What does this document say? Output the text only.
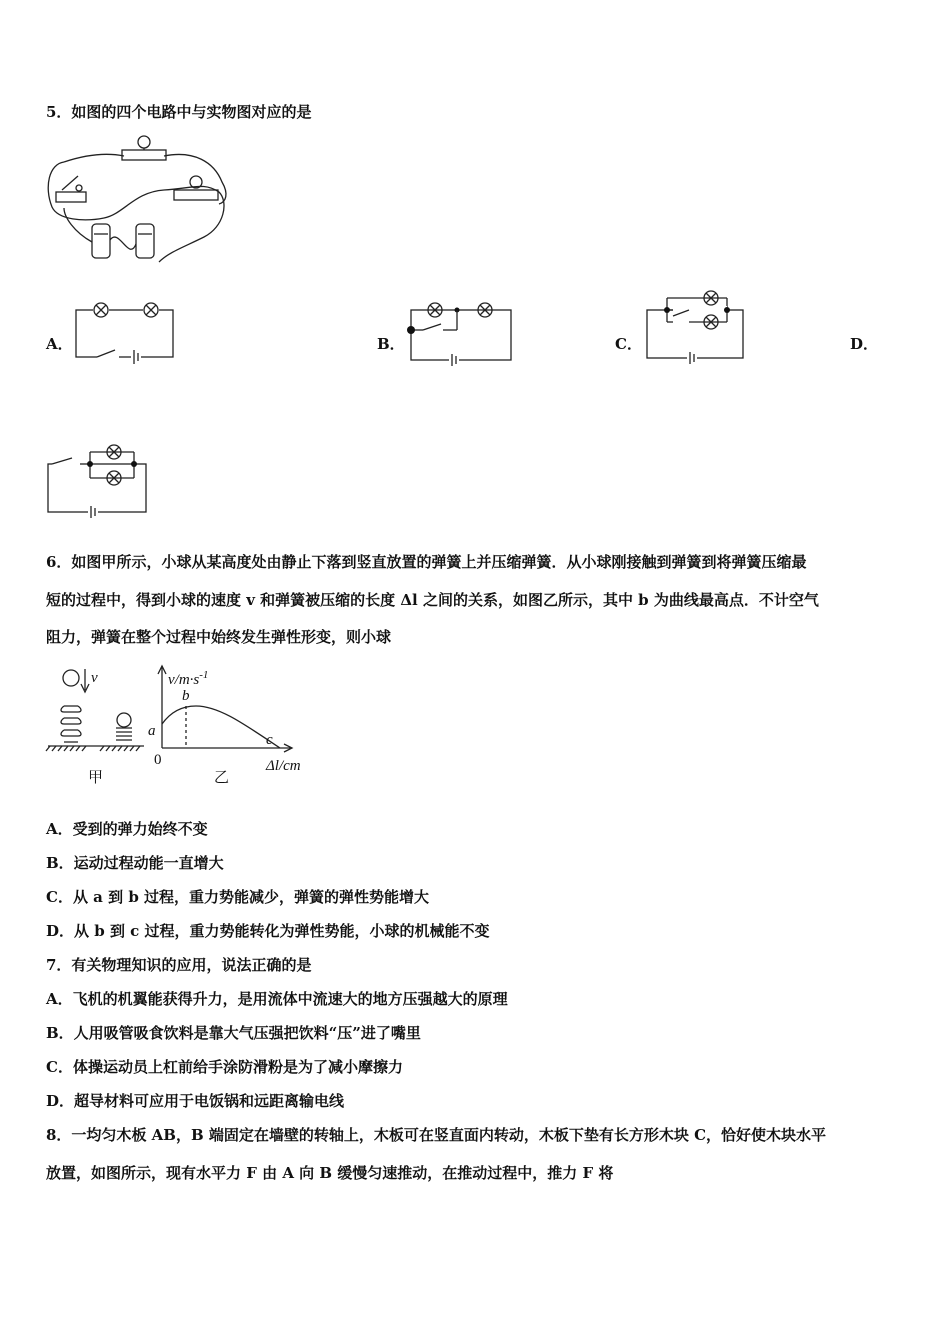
5．如图的四个电路中与实物图对应的是
A．	B．	C．	D．
6．如图甲所示，小球从某高度处由静止下落到竖直放置的弹簧上并压缩弹簧．从小球刚接触到弹簧到将弹簧压缩最
短的过程中，得到小球的速度 v 和弹簧被压缩的长度 Δl 之间的关系，如图乙所示，其中 b 为曲线最高点．不计空气
阻力，弹簧在整个过程中始终发生弹性形变，则小球
v
甲
$v/m\cdot s^{-1}$
b
a
c
0	Δl/cm
乙
A．受到的弹力始终不变
B．运动过程动能一直增大
C．从 a 到 b 过程，重力势能减少，弹簧的弹性势能增大
D．从 b 到 c 过程，重力势能转化为弹性势能，小球的机械能不变
7．有关物理知识的应用，说法正确的是
A．飞机的机翼能获得升力，是用流体中流速大的地方压强越大的原理
B．人用吸管吸食饮料是靠大气压强把饮料“压”进了嘴里
C．体操运动员上杠前给手涂防滑粉是为了减小摩擦力
D．超导材料可应用于电饭锅和远距离输电线
8．一均匀木板 AB，B 端固定在墙壁的转轴上，木板可在竖直面内转动，木板下垫有长方形木块 C，恰好使木块水平
放置，如图所示，现有水平力 F 由 A 向 B 缓慢匀速推动，在推动过程中，推力 F 将
